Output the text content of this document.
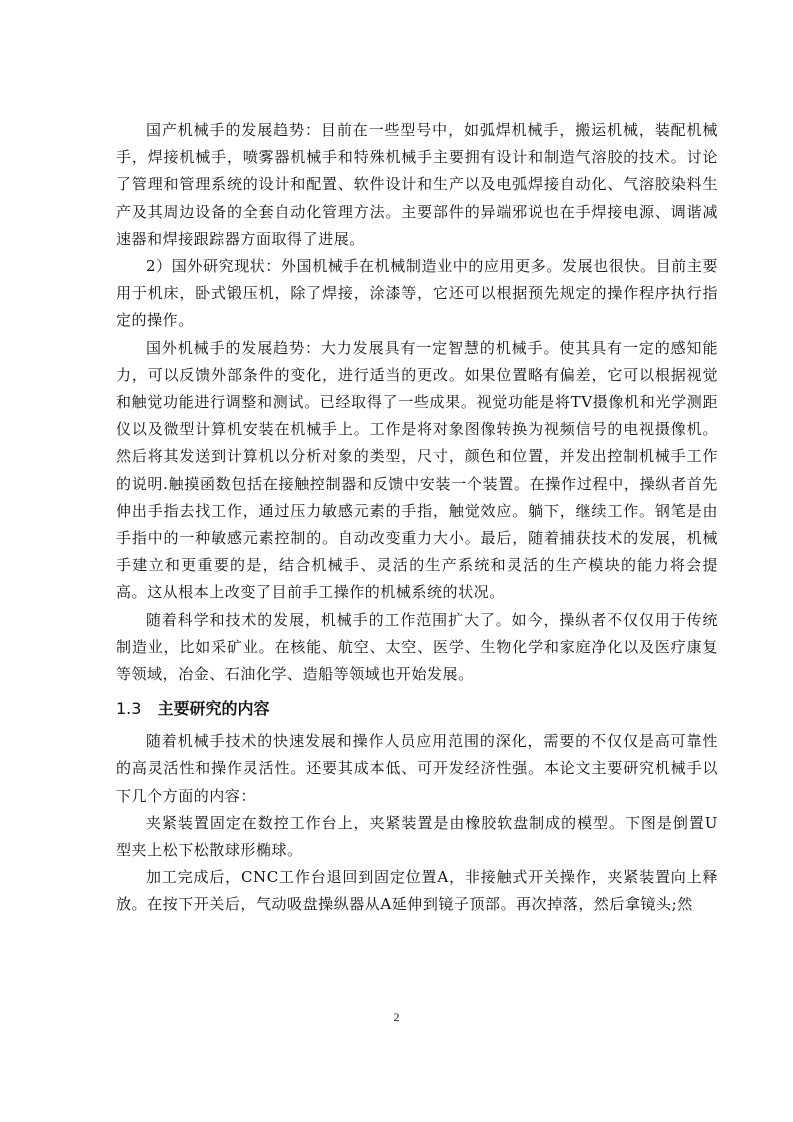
国产机械手的发展趋势：目前在一些型号中，如弧焊机械手，搬运机械，装配机械手，焊接机械手，喷雾器机械手和特殊机械手主要拥有设计和制造气溶胶的技术。讨论了管理和管理系统的设计和配置、软件设计和生产以及电弧焊接自动化、气溶胶染料生产及其周边设备的全套自动化管理方法。主要部件的异端邪说也在手焊接电源、调谐减速器和焊接跟踪器方面取得了进展。

2）国外研究现状：外国机械手在机械制造业中的应用更多。发展也很快。目前主要用于机床，卧式锻压机，除了焊接，涂漆等，它还可以根据预先规定的操作程序执行指定的操作。

国外机械手的发展趋势：大力发展具有一定智慧的机械手。使其具有一定的感知能力，可以反馈外部条件的变化，进行适当的更改。如果位置略有偏差，它可以根据视觉和触觉功能进行调整和测试。已经取得了一些成果。视觉功能是将TV摄像机和光学测距仪以及微型计算机安装在机械手上。工作是将对象图像转换为视频信号的电视摄像机。然后将其发送到计算机以分析对象的类型，尺寸，颜色和位置，并发出控制机械手工作的说明.触摸函数包括在接触控制器和反馈中安装一个装置。在操作过程中，操纵者首先伸出手指去找工作，通过压力敏感元素的手指，触觉效应。躺下，继续工作。钢笔是由手指中的一种敏感元素控制的。自动改变重力大小。最后，随着捕获技术的发展，机械手建立和更重要的是，结合机械手、灵活的生产系统和灵活的生产模块的能力将会提高。这从根本上改变了目前手工操作的机械系统的状况。

随着科学和技术的发展，机械手的工作范围扩大了。如今，操纵者不仅仅用于传统制造业，比如采矿业。在核能、航空、太空、医学、生物化学和家庭净化以及医疗康复等领域，冶金、石油化学、造船等领域也开始发展。

1.3 主要研究的内容

随着机械手技术的快速发展和操作人员应用范围的深化，需要的不仅仅是高可靠性的高灵活性和操作灵活性。还要其成本低、可开发经济性强。本论文主要研究机械手以下几个方面的内容：

夹紧装置固定在数控工作台上，夹紧装置是由橡胶软盘制成的模型。下图是倒置U型夹上松下松散球形椭球。

加工完成后，CNC工作台退回到固定位置A，非接触式开关操作，夹紧装置向上释放。在按下开关后，气动吸盘操纵器从A延伸到镜子顶部。再次掉落，然后拿镜头;然

2
